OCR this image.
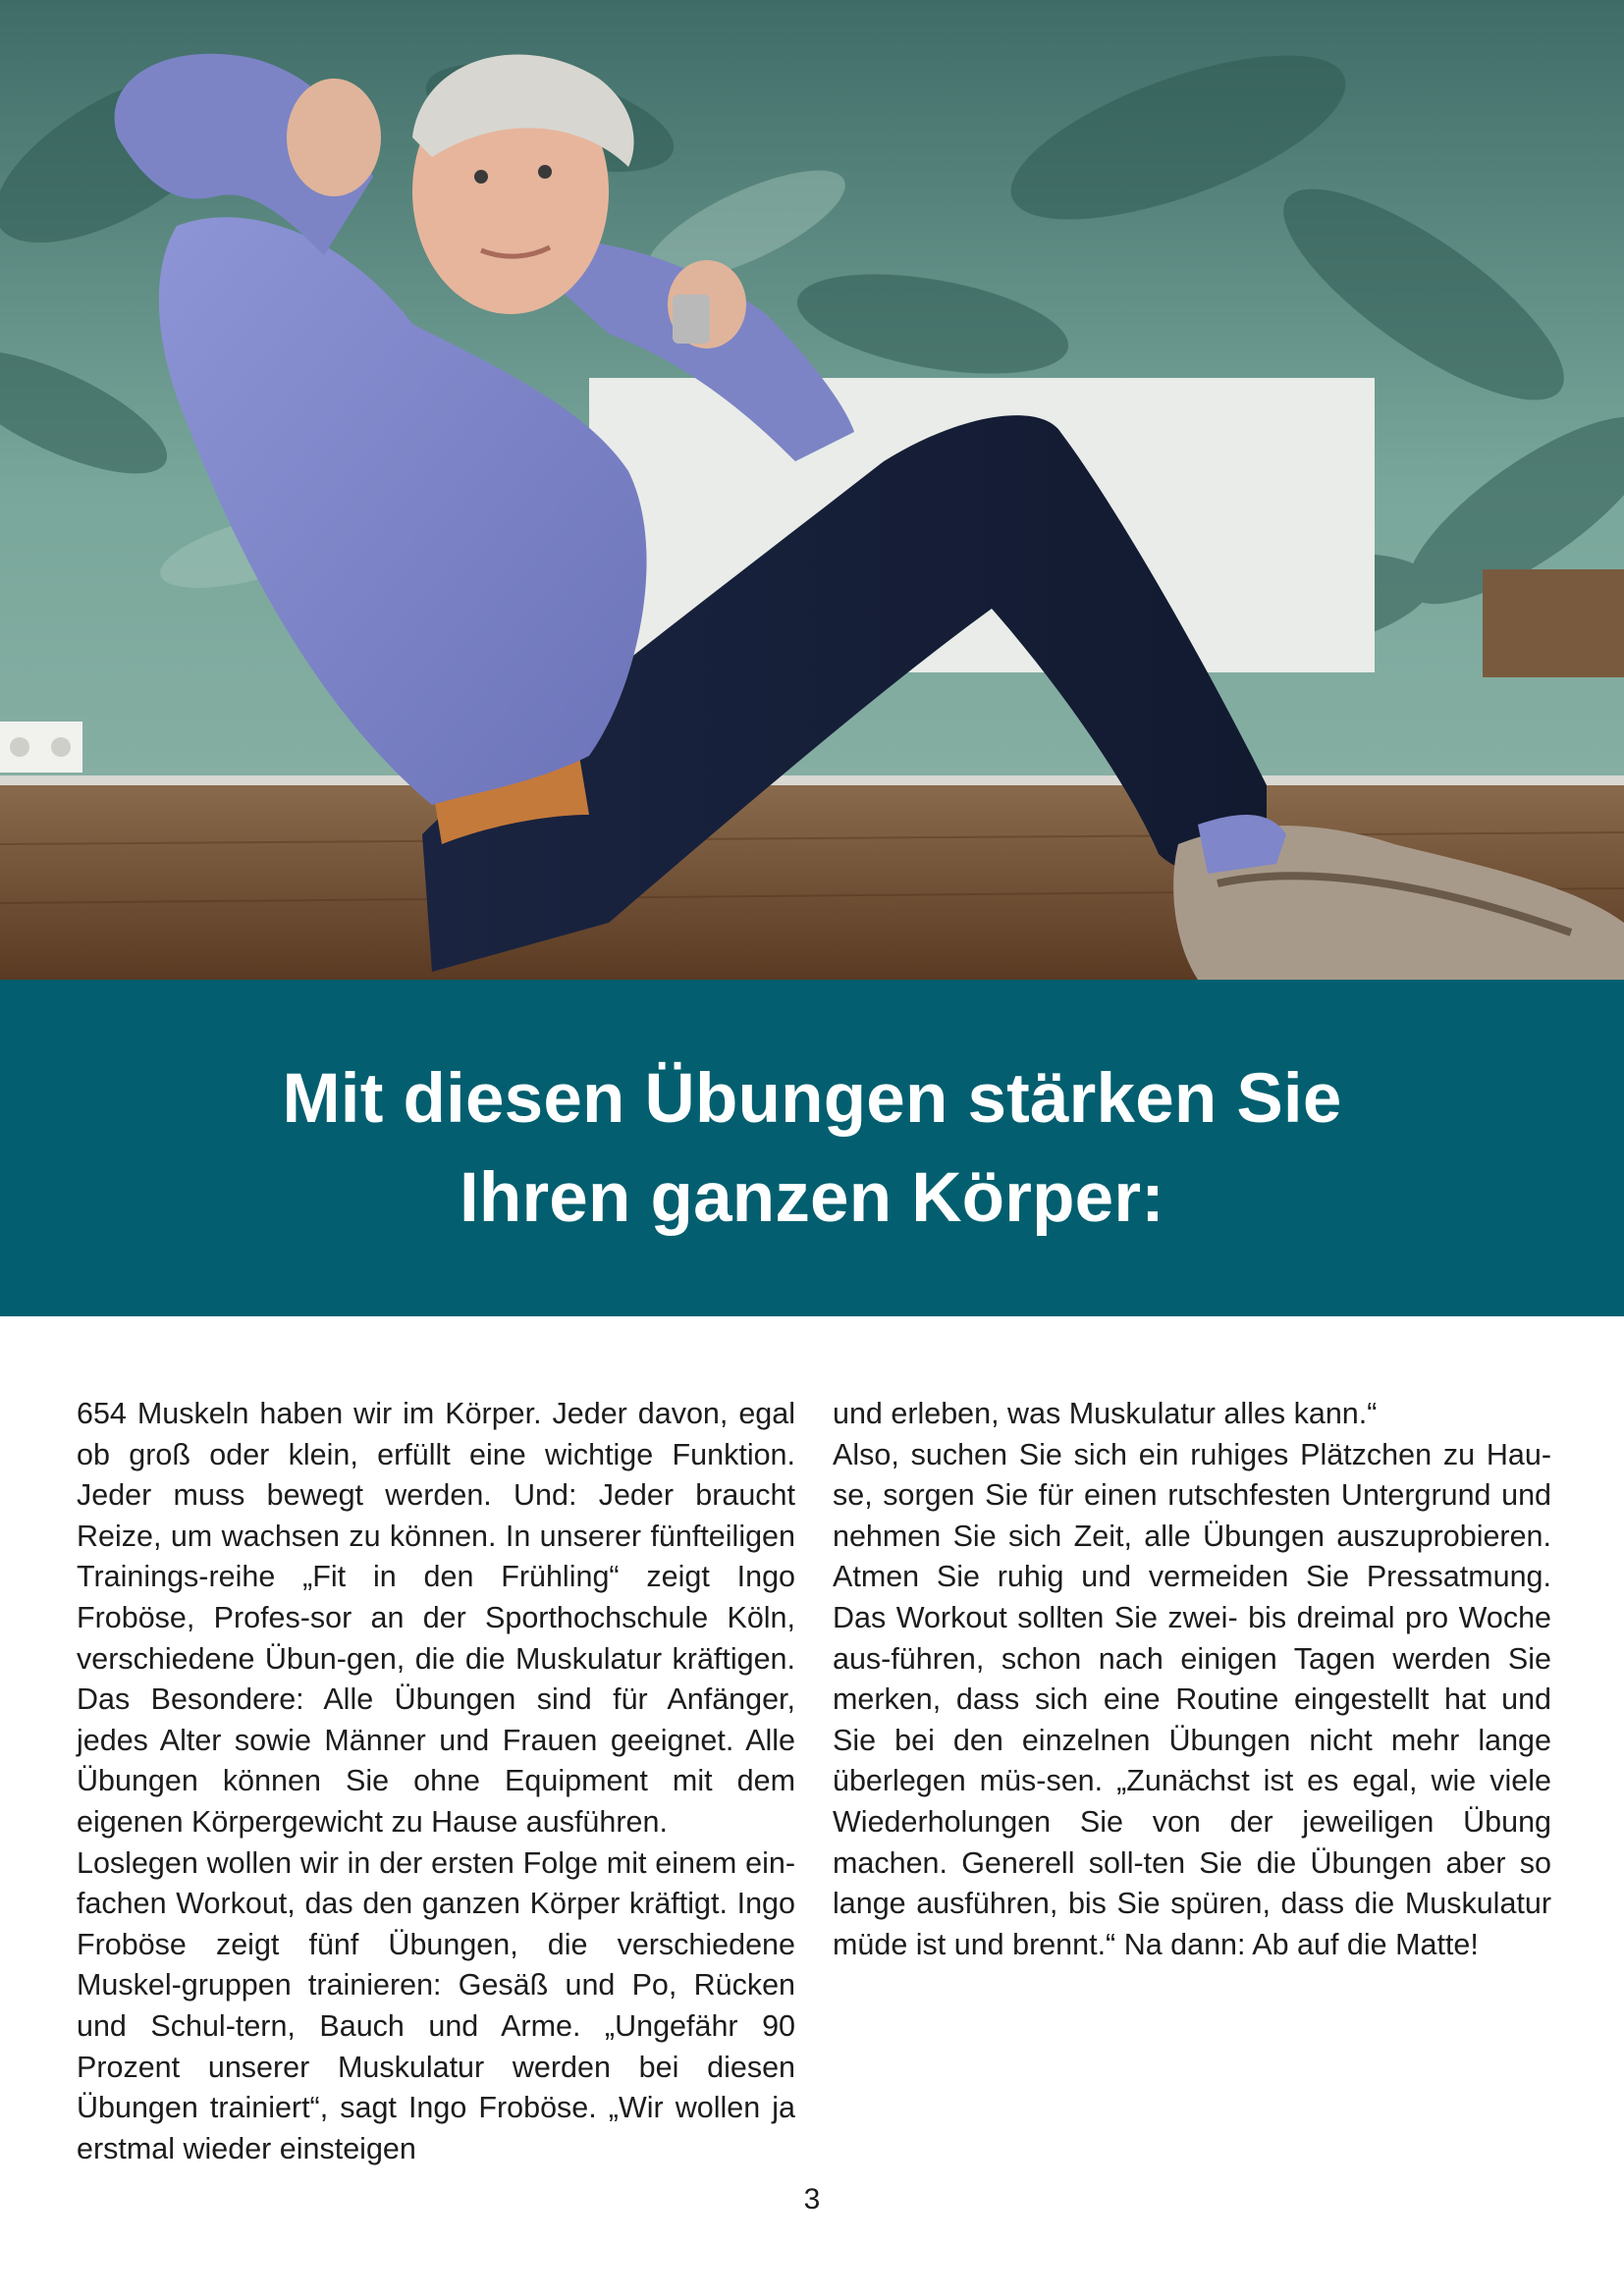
Mit diesen Übungen stärken Sie
Ihren ganzen Körper:

654 Muskeln haben wir im Körper. Jeder davon, egal ob groß oder klein, erfüllt eine wichtige Funktion. Jeder muss bewegt werden. Und: Jeder braucht Reize, um wachsen zu können. In unserer fünfteiligen Trainings-reihe „Fit in den Frühling“ zeigt Ingo Froböse, Profes-sor an der Sporthochschule Köln, verschiedene Übun-gen, die die Muskulatur kräftigen. Das Besondere: Alle Übungen sind für Anfänger, jedes Alter sowie Männer und Frauen geeignet. Alle Übungen können Sie ohne Equipment mit dem eigenen Körpergewicht zu Hause ausführen.

Loslegen wollen wir in der ersten Folge mit einem ein-fachen Workout, das den ganzen Körper kräftigt. Ingo Froböse zeigt fünf Übungen, die verschiedene Muskel-gruppen trainieren: Gesäß und Po, Rücken und Schul-tern, Bauch und Arme. „Ungefähr 90 Prozent unserer Muskulatur werden bei diesen Übungen trainiert“, sagt Ingo Froböse. „Wir wollen ja erstmal wieder einsteigen

und erleben, was Muskulatur alles kann.“

Also, suchen Sie sich ein ruhiges Plätzchen zu Hau-se, sorgen Sie für einen rutschfesten Untergrund und nehmen Sie sich Zeit, alle Übungen auszuprobieren. Atmen Sie ruhig und vermeiden Sie Pressatmung. Das Workout sollten Sie zwei- bis dreimal pro Woche aus-führen, schon nach einigen Tagen werden Sie merken, dass sich eine Routine eingestellt hat und Sie bei den einzelnen Übungen nicht mehr lange überlegen müs-sen. „Zunächst ist es egal, wie viele Wiederholungen Sie von der jeweiligen Übung machen. Generell soll-ten Sie die Übungen aber so lange ausführen, bis Sie spüren, dass die Muskulatur müde ist und brennt.“ Na dann: Ab auf die Matte!

3
